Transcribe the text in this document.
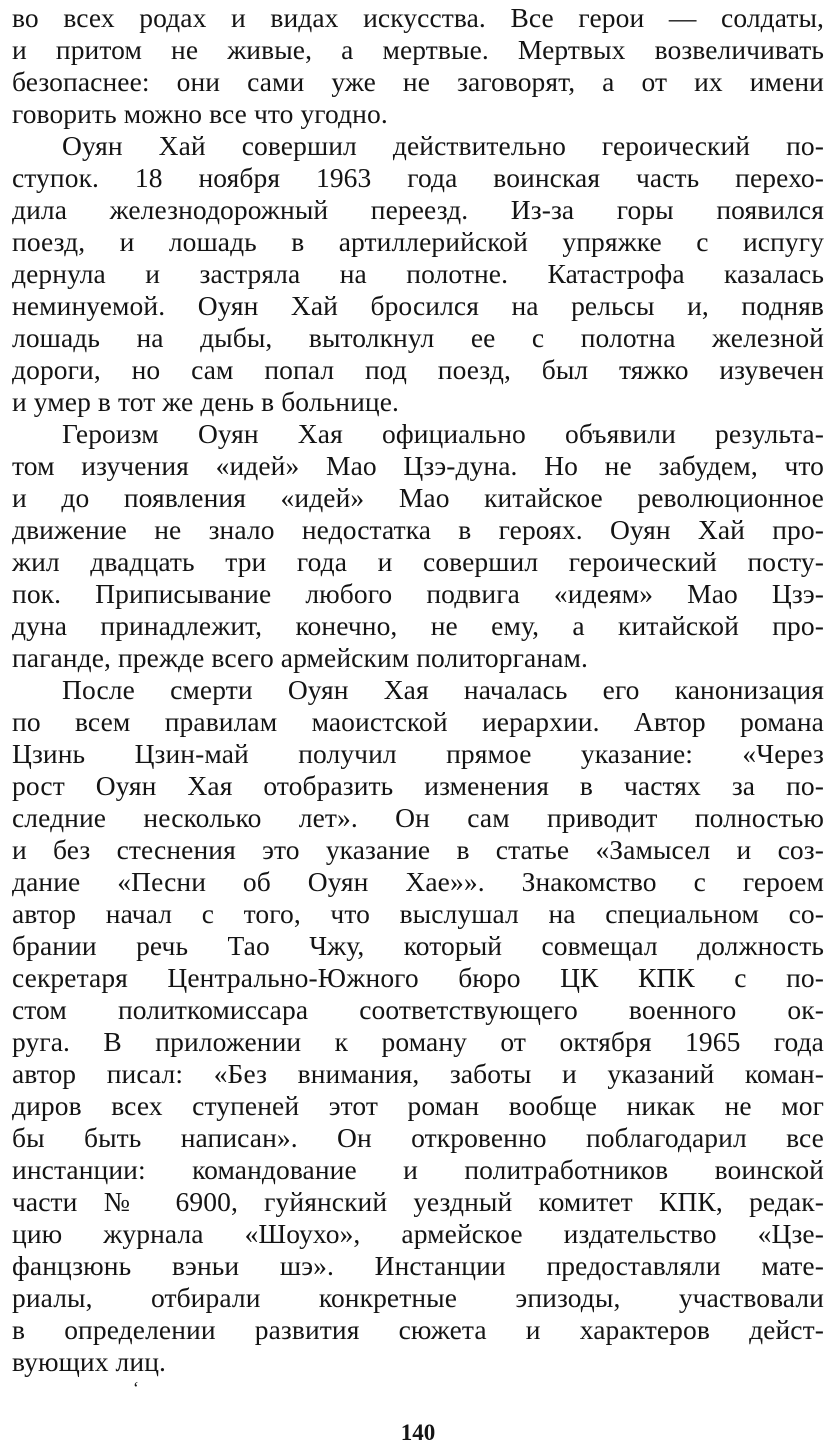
во всех родах и видах искусства. Все герои — солдаты,
и притом не живые, а мертвые. Мертвых возвеличивать
безопаснее: они сами уже не заговорят, а от их имени
говорить можно все что угодно.
Оуян Хай совершил действительно героический по-
ступок. 18 ноября 1963 года воинская часть перехо-
дила железнодорожный переезд. Из-за горы появился
поезд, и лошадь в артиллерийской упряжке с испугу
дернула и застряла на полотне. Катастрофа казалась
неминуемой. Оуян Хай бросился на рельсы и, подняв
лошадь на дыбы, вытолкнул ее с полотна железной
дороги, но сам попал под поезд, был тяжко изувечен
и умер в тот же день в больнице.
Героизм Оуян Хая официально объявили результа-
том изучения «идей» Мао Цзэ-дуна. Но не забудем, что
и до появления «идей» Мао китайское революционное
движение не знало недостатка в героях. Оуян Хай про-
жил двадцать три года и совершил героический посту-
пок. Приписывание любого подвига «идеям» Мао Цзэ-
дуна принадлежит, конечно, не ему, а китайской про-
паганде, прежде всего армейским политорганам.
После смерти Оуян Хая началась его канонизация
по всем правилам маоистской иерархии. Автор романа
Цзинь Цзин-май получил прямое указание: «Через
рост Оуян Хая отобразить изменения в частях за по-
следние несколько лет». Он сам приводит полностью
и без стеснения это указание в статье «Замысел и соз-
дание «Песни об Оуян Хае»». Знакомство с героем
автор начал с того, что выслушал на специальном со-
брании речь Тао Чжу, который совмещал должность
секретаря Центрально-Южного бюро ЦК КПК с по-
стом политкомиссара соответствующего военного ок-
руга. В приложении к роману от октября 1965 года
автор писал: «Без внимания, заботы и указаний коман-
диров всех ступеней этот роман вообще никак не мог
бы быть написан». Он откровенно поблагодарил все
инстанции: командование и политработников воинской
части № 6900, гуйянский уездный комитет КПК, редак-
цию журнала «Шоухо», армейское издательство «Цзе-
фанцзюнь вэньи шэ». Инстанции предоставляли мате-
риалы, отбирали конкретные эпизоды, участвовали
в определении развития сюжета и характеров дейст-
вующих лиц.
ʻ
140
